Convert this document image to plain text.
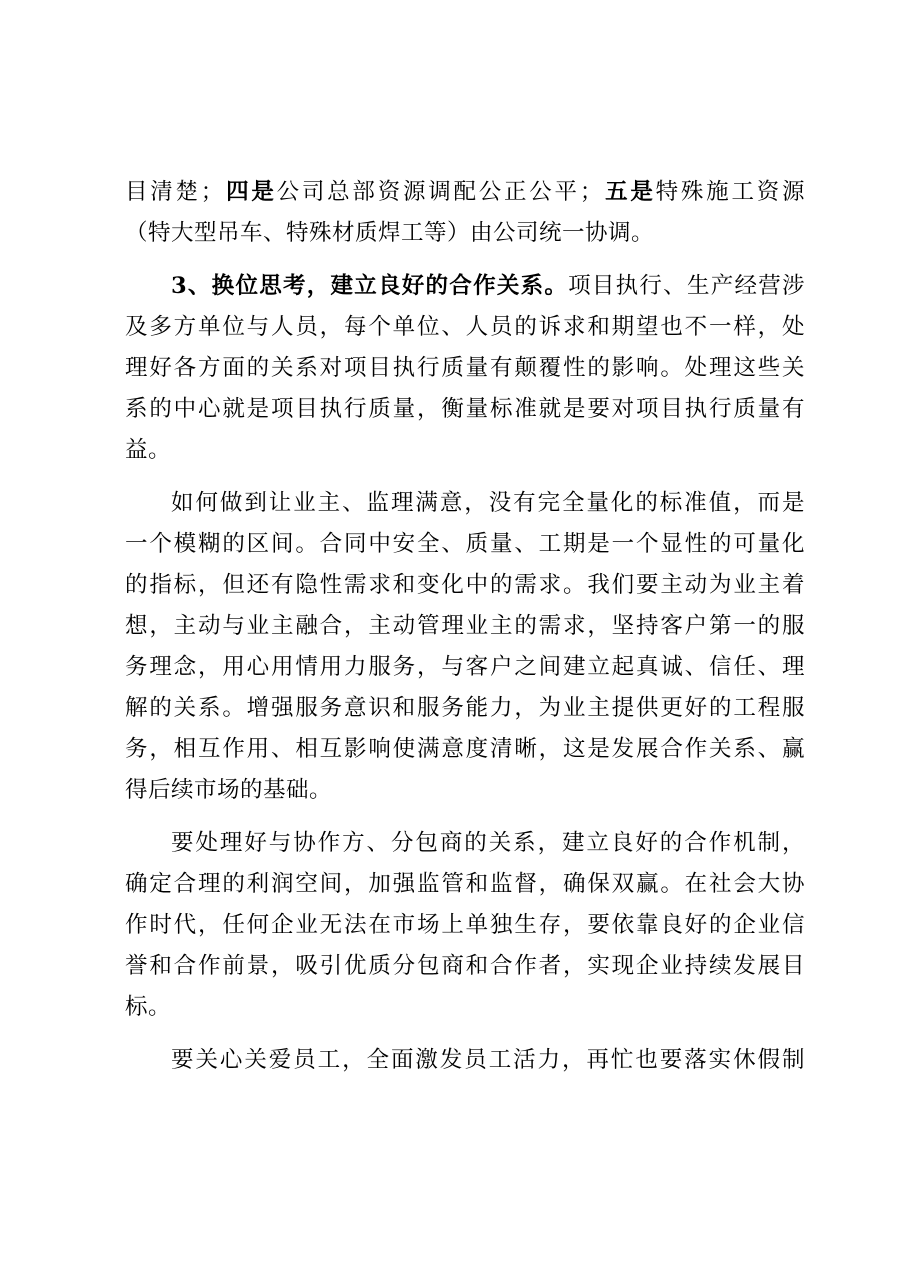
目清楚；四是公司总部资源调配公正公平；五是特殊施工资源
（特大型吊车、特殊材质焊工等）由公司统一协调。
3、换位思考，建立良好的合作关系。项目执行、生产经营涉
及多方单位与人员，每个单位、人员的诉求和期望也不一样，处
理好各方面的关系对项目执行质量有颠覆性的影响。处理这些关
系的中心就是项目执行质量，衡量标准就是要对项目执行质量有
益。
如何做到让业主、监理满意，没有完全量化的标准值，而是
一个模糊的区间。合同中安全、质量、工期是一个显性的可量化
的指标，但还有隐性需求和变化中的需求。我们要主动为业主着
想，主动与业主融合，主动管理业主的需求，坚持客户第一的服
务理念，用心用情用力服务，与客户之间建立起真诚、信任、理
解的关系。增强服务意识和服务能力，为业主提供更好的工程服
务，相互作用、相互影响使满意度清晰，这是发展合作关系、赢
得后续市场的基础。
要处理好与协作方、分包商的关系，建立良好的合作机制，
确定合理的利润空间，加强监管和监督，确保双赢。在社会大协
作时代，任何企业无法在市场上单独生存，要依靠良好的企业信
誉和合作前景，吸引优质分包商和合作者，实现企业持续发展目
标。
要关心关爱员工，全面激发员工活力，再忙也要落实休假制
